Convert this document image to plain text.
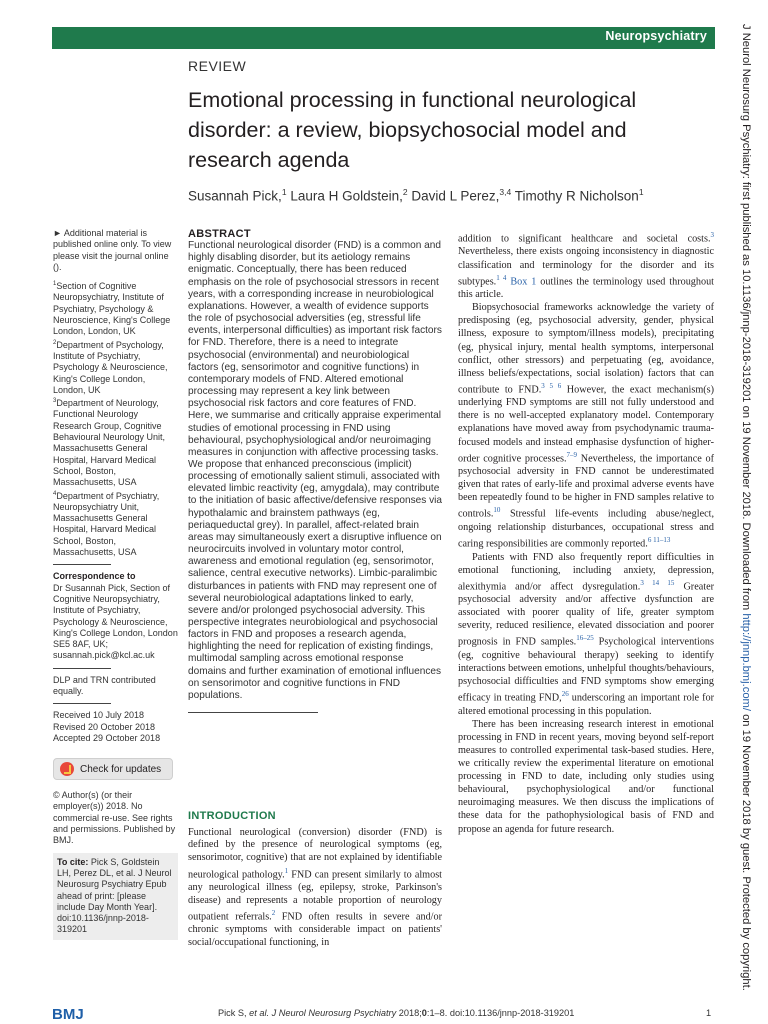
Neuropsychiatry
REVIEW
Emotional processing in functional neurological disorder: a review, biopsychosocial model and research agenda
Susannah Pick,$^1$ Laura H Goldstein,$^2$ David L Perez,$^{3,4}$ Timothy R Nicholson$^1$

► Additional material is published online only. To view please visit the journal online ().

$^1$Section of Cognitive Neuropsychiatry, Institute of Psychiatry, Psychology & Neuroscience, King's College London, London, UK
$^2$Department of Psychology, Institute of Psychiatry, Psychology & Neuroscience, King's College London, London, UK
$^3$Department of Neurology, Functional Neurology Research Group, Cognitive Behavioural Neurology Unit, Massachusetts General Hospital, Harvard Medical School, Boston, Massachusetts, USA
$^4$Department of Psychiatry, Neuropsychiatry Unit, Massachusetts General Hospital, Harvard Medical School, Boston, Massachusetts, USA

Correspondence to
Dr Susannah Pick, Section of Cognitive Neuropsychiatry, Institute of Psychiatry, Psychology & Neuroscience, King's College London, London SE5 8AF, UK; susannah.pick@kcl.ac.uk

DLP and TRN contributed equally.

Received 10 July 2018
Revised 20 October 2018
Accepted 29 October 2018

Check for updates

© Author(s) (or their employer(s)) 2018. No commercial re-use. See rights and permissions. Published by BMJ.

To cite: Pick S, Goldstein LH, Perez DL, et al. J Neurol Neurosurg Psychiatry Epub ahead of print: [please include Day Month Year]. doi:10.1136/jnnp-2018-319201
ABSTRACT
Functional neurological disorder (FND) is a common and highly disabling disorder, but its aetiology remains enigmatic. Conceptually, there has been reduced emphasis on the role of psychosocial stressors in recent years, with a corresponding increase in neurobiological explanations. However, a wealth of evidence supports the role of psychosocial adversities (eg, stressful life events, interpersonal difficulties) as important risk factors for FND. Therefore, there is a need to integrate psychosocial (environmental) and neurobiological factors (eg, sensorimotor and cognitive functions) in contemporary models of FND. Altered emotional processing may represent a key link between psychosocial risk factors and core features of FND. Here, we summarise and critically appraise experimental studies of emotional processing in FND using behavioural, psychophysiological and/or neuroimaging measures in conjunction with affective processing tasks. We propose that enhanced preconscious (implicit) processing of emotionally salient stimuli, associated with elevated limbic reactivity (eg, amygdala), may contribute to the initiation of basic affective/defensive responses via hypothalamic and brainstem pathways (eg, periaqueductal grey). In parallel, affect-related brain areas may simultaneously exert a disruptive influence on neurocircuits involved in voluntary motor control, awareness and emotional regulation (eg, sensorimotor, salience, central executive networks). Limbic-paralimbic disturbances in patients with FND may represent one of several neurobiological adaptations linked to early, severe and/or prolonged psychosocial adversity. This perspective integrates neurobiological and psychosocial factors in FND and proposes a research agenda, highlighting the need for replication of existing findings, multimodal sampling across emotional response domains and further examination of emotional influences on sensorimotor and cognitive functions in FND populations.
INTRODUCTION
Functional neurological (conversion) disorder (FND) is defined by the presence of neurological symptoms (eg, sensorimotor, cognitive) that are not explained by identifiable neurological pathology.$^1$ FND can present similarly to almost any neurological illness (eg, epilepsy, stroke, Parkinson's disease) and represents a notable proportion of neurology outpatient referrals.$^2$ FND often results in severe and/or chronic symptoms with considerable impact on patients' social/occupational functioning, in

addition to significant healthcare and societal costs.$^3$ Nevertheless, there exists ongoing inconsistency in diagnostic classification and terminology for the disorder and its subtypes.$^{1 4}$ Box 1 outlines the terminology used throughout this article.

Biopsychosocial frameworks acknowledge the variety of predisposing (eg, psychosocial adversity, gender, physical illness, exposure to symptom/illness models), precipitating (eg, physical injury, mental health symptoms, interpersonal conflict, other stressors) and perpetuating (eg, avoidance, illness beliefs/expectations, social isolation) factors that can contribute to FND.$^{3 5 6}$ However, the exact mechanism(s) underlying FND symptoms are still not fully understood and there is no well-accepted explanatory model. Contemporary explanations have moved away from psychodynamic trauma-focused models and instead emphasise dysfunction of higher-order cognitive processes.$^{7-9}$ Nevertheless, the importance of psychosocial adversity in FND cannot be underestimated given that rates of early-life and proximal adverse events have been repeatedly found to be higher in FND samples relative to controls.$^{10}$ Stressful life-events including abuse/neglect, ongoing relationship disturbances, occupational stress and caring responsibilities are commonly reported.$^{6 11-13}$

Patients with FND also frequently report difficulties in emotional functioning, including anxiety, depression, alexithymia and/or affect dysregulation.$^{3 14 15}$ Greater psychosocial adversity and/or affective dysfunction are associated with poorer quality of life, greater symptom severity, reduced resilience, elevated dissociation and poorer prognosis in FND samples.$^{16-25}$ Psychological interventions (eg, cognitive behavioural therapy) seeking to identify interactions between emotions, unhelpful thoughts/behaviours, psychosocial difficulties and FND symptoms show emerging efficacy in treating FND,$^{26}$ underscoring an important role for altered emotional processing in this population.

There has been increasing research interest in emotional processing in FND in recent years, moving beyond self-report measures to controlled experimental task-based studies. Here, we critically review the experimental literature on emotional processing in FND to date, including only studies using behavioural, psychophysiological and/or functional neuroimaging measures. We then discuss the implications of these data for the pathophysiological basis of FND and propose an agenda for future research.

BMJ	Pick S, et al. J Neurol Neurosurg Psychiatry 2018;0:1–8. doi:10.1136/jnnp-2018-319201	1
J Neurol Neurosurg Psychiatry: first published as 10.1136/jnnp-2018-319201 on 19 November 2018. Downloaded from http://jnnp.bmj.com/ on 19 November 2018 by guest. Protected by copyright.
